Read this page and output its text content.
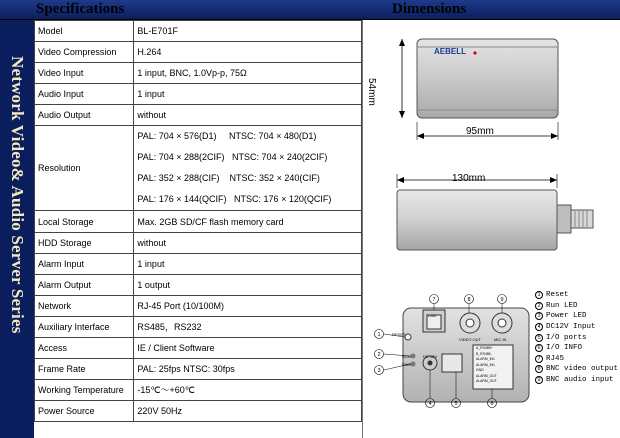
Specifications	Dimensions
Network Video& Audio Server Series
Model	BL-E701F
Video Compression	H.264
Video Input	1 input, BNC, 1.0Vp-p, 75Ω
Audio Input	1 input
Audio Output	without
Resolution	PAL: 704 × 576(D1)     NTSC: 704 × 480(D1)
PAL: 704 × 288(2CIF)   NTSC: 704 × 240(2CIF)
PAL: 352 × 288(CIF)    NTSC: 352 × 240(CIF)
PAL: 176 × 144(QCIF)   NTSC: 176 × 120(QCIF)

Local Storage	Max. 2GB SD/CF flash memory card
HDD Storage	without
Alarm Input	1 input
Alarm Output	1 output
Network	RJ-45 Port (10/100M)
Auxiliary Interface	RS485，RS232
Access	IE / Client Software
Frame Rate	PAL: 25fps NTSC: 30fps
Working Temperature	-15℃～+60℃
Power Source	220V 50Hz
AEBELL
54mm
95mm
130mm
7	8	9
1
2
3
4	5	6
RESET
LAN
VIDEO OUT	MIC IN
DC 12V
RUN
PWR
A_RS485+
B_RS485-
ALARM_IN1
ALARM_IN1
GND
ALARM_OUT
ALARM_OUT
1 Reset
2 Run LED
3 Power LED
4 DC12V Input
5 I/O ports
6 I/O INFO
7 RJ45
8 BNC video output
9 BNC audio input
